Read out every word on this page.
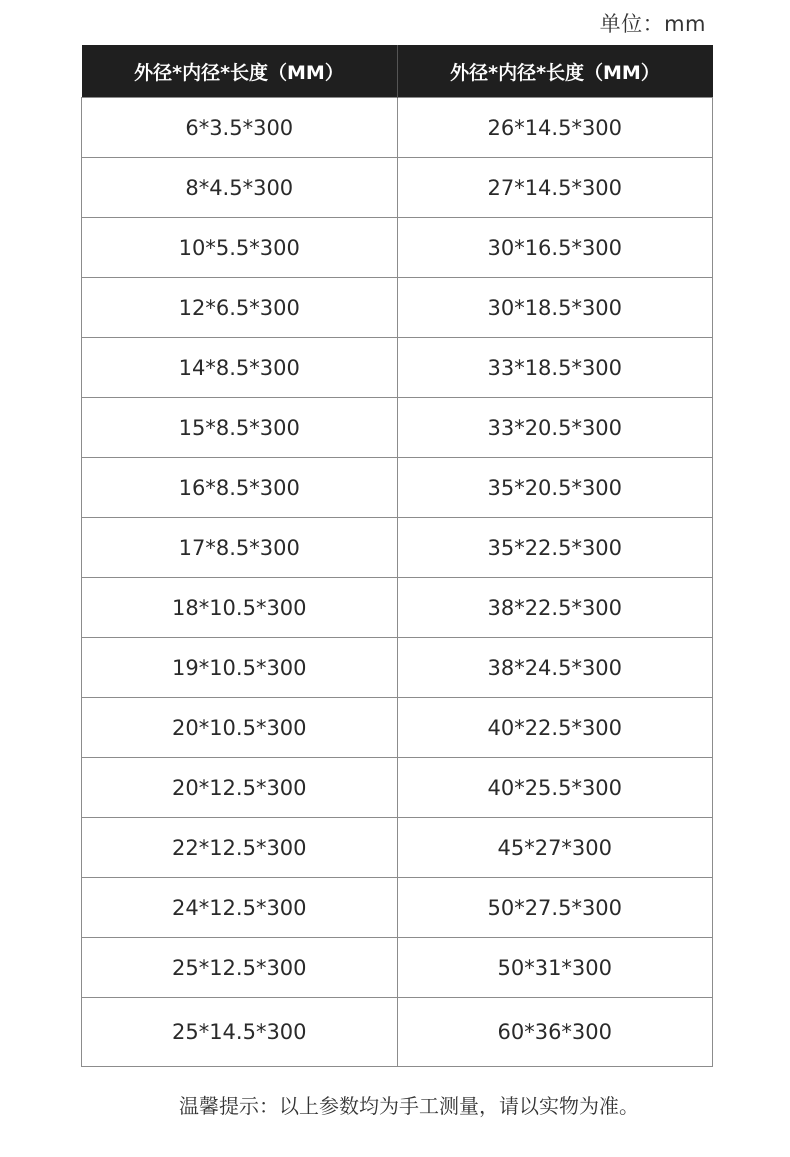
单位：mm
外径*内径*长度（MM）	外径*内径*长度（MM）
6*3.5*300	26*14.5*300
8*4.5*300	27*14.5*300
10*5.5*300	30*16.5*300
12*6.5*300	30*18.5*300
14*8.5*300	33*18.5*300
15*8.5*300	33*20.5*300
16*8.5*300	35*20.5*300
17*8.5*300	35*22.5*300
18*10.5*300	38*22.5*300
19*10.5*300	38*24.5*300
20*10.5*300	40*22.5*300
20*12.5*300	40*25.5*300
22*12.5*300	45*27*300
24*12.5*300	50*27.5*300
25*12.5*300	50*31*300
25*14.5*300	60*36*300
温馨提示：以上参数均为手工测量，请以实物为准。
